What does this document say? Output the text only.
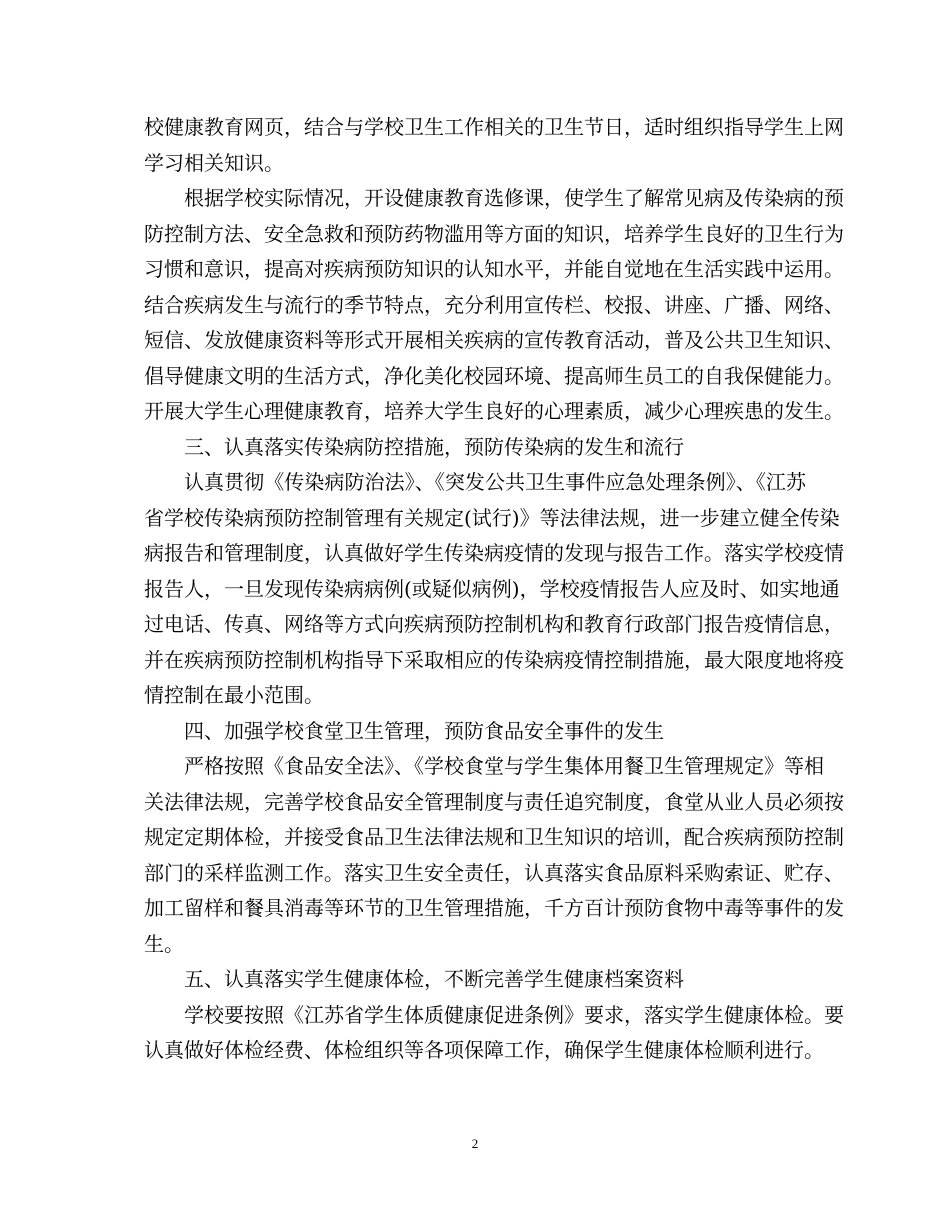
校健康教育网页，结合与学校卫生工作相关的卫生节日，适时组织指导学生上网
学习相关知识。
根据学校实际情况，开设健康教育选修课，使学生了解常见病及传染病的预
防控制方法、安全急救和预防药物滥用等方面的知识，培养学生良好的卫生行为
习惯和意识，提高对疾病预防知识的认知水平，并能自觉地在生活实践中运用。
结合疾病发生与流行的季节特点，充分利用宣传栏、校报、讲座、广播、网络、
短信、发放健康资料等形式开展相关疾病的宣传教育活动，普及公共卫生知识、
倡导健康文明的生活方式，净化美化校园环境、提高师生员工的自我保健能力。
开展大学生心理健康教育，培养大学生良好的心理素质，减少心理疾患的发生。
三、认真落实传染病防控措施，预防传染病的发生和流行
认真贯彻《传染病防治法》、《突发公共卫生事件应急处理条例》、《江苏
省学校传染病预防控制管理有关规定(试行)》等法律法规，进一步建立健全传染
病报告和管理制度，认真做好学生传染病疫情的发现与报告工作。落实学校疫情
报告人，一旦发现传染病病例(或疑似病例)，学校疫情报告人应及时、如实地通
过电话、传真、网络等方式向疾病预防控制机构和教育行政部门报告疫情信息，
并在疾病预防控制机构指导下采取相应的传染病疫情控制措施，最大限度地将疫
情控制在最小范围。
四、加强学校食堂卫生管理，预防食品安全事件的发生
严格按照《食品安全法》、《学校食堂与学生集体用餐卫生管理规定》等相
关法律法规，完善学校食品安全管理制度与责任追究制度，食堂从业人员必须按
规定定期体检，并接受食品卫生法律法规和卫生知识的培训，配合疾病预防控制
部门的采样监测工作。落实卫生安全责任，认真落实食品原料采购索证、贮存、
加工留样和餐具消毒等环节的卫生管理措施，千方百计预防食物中毒等事件的发
生。
五、认真落实学生健康体检，不断完善学生健康档案资料
学校要按照《江苏省学生体质健康促进条例》要求，落实学生健康体检。要
认真做好体检经费、体检组织等各项保障工作，确保学生健康体检顺利进行。
2
